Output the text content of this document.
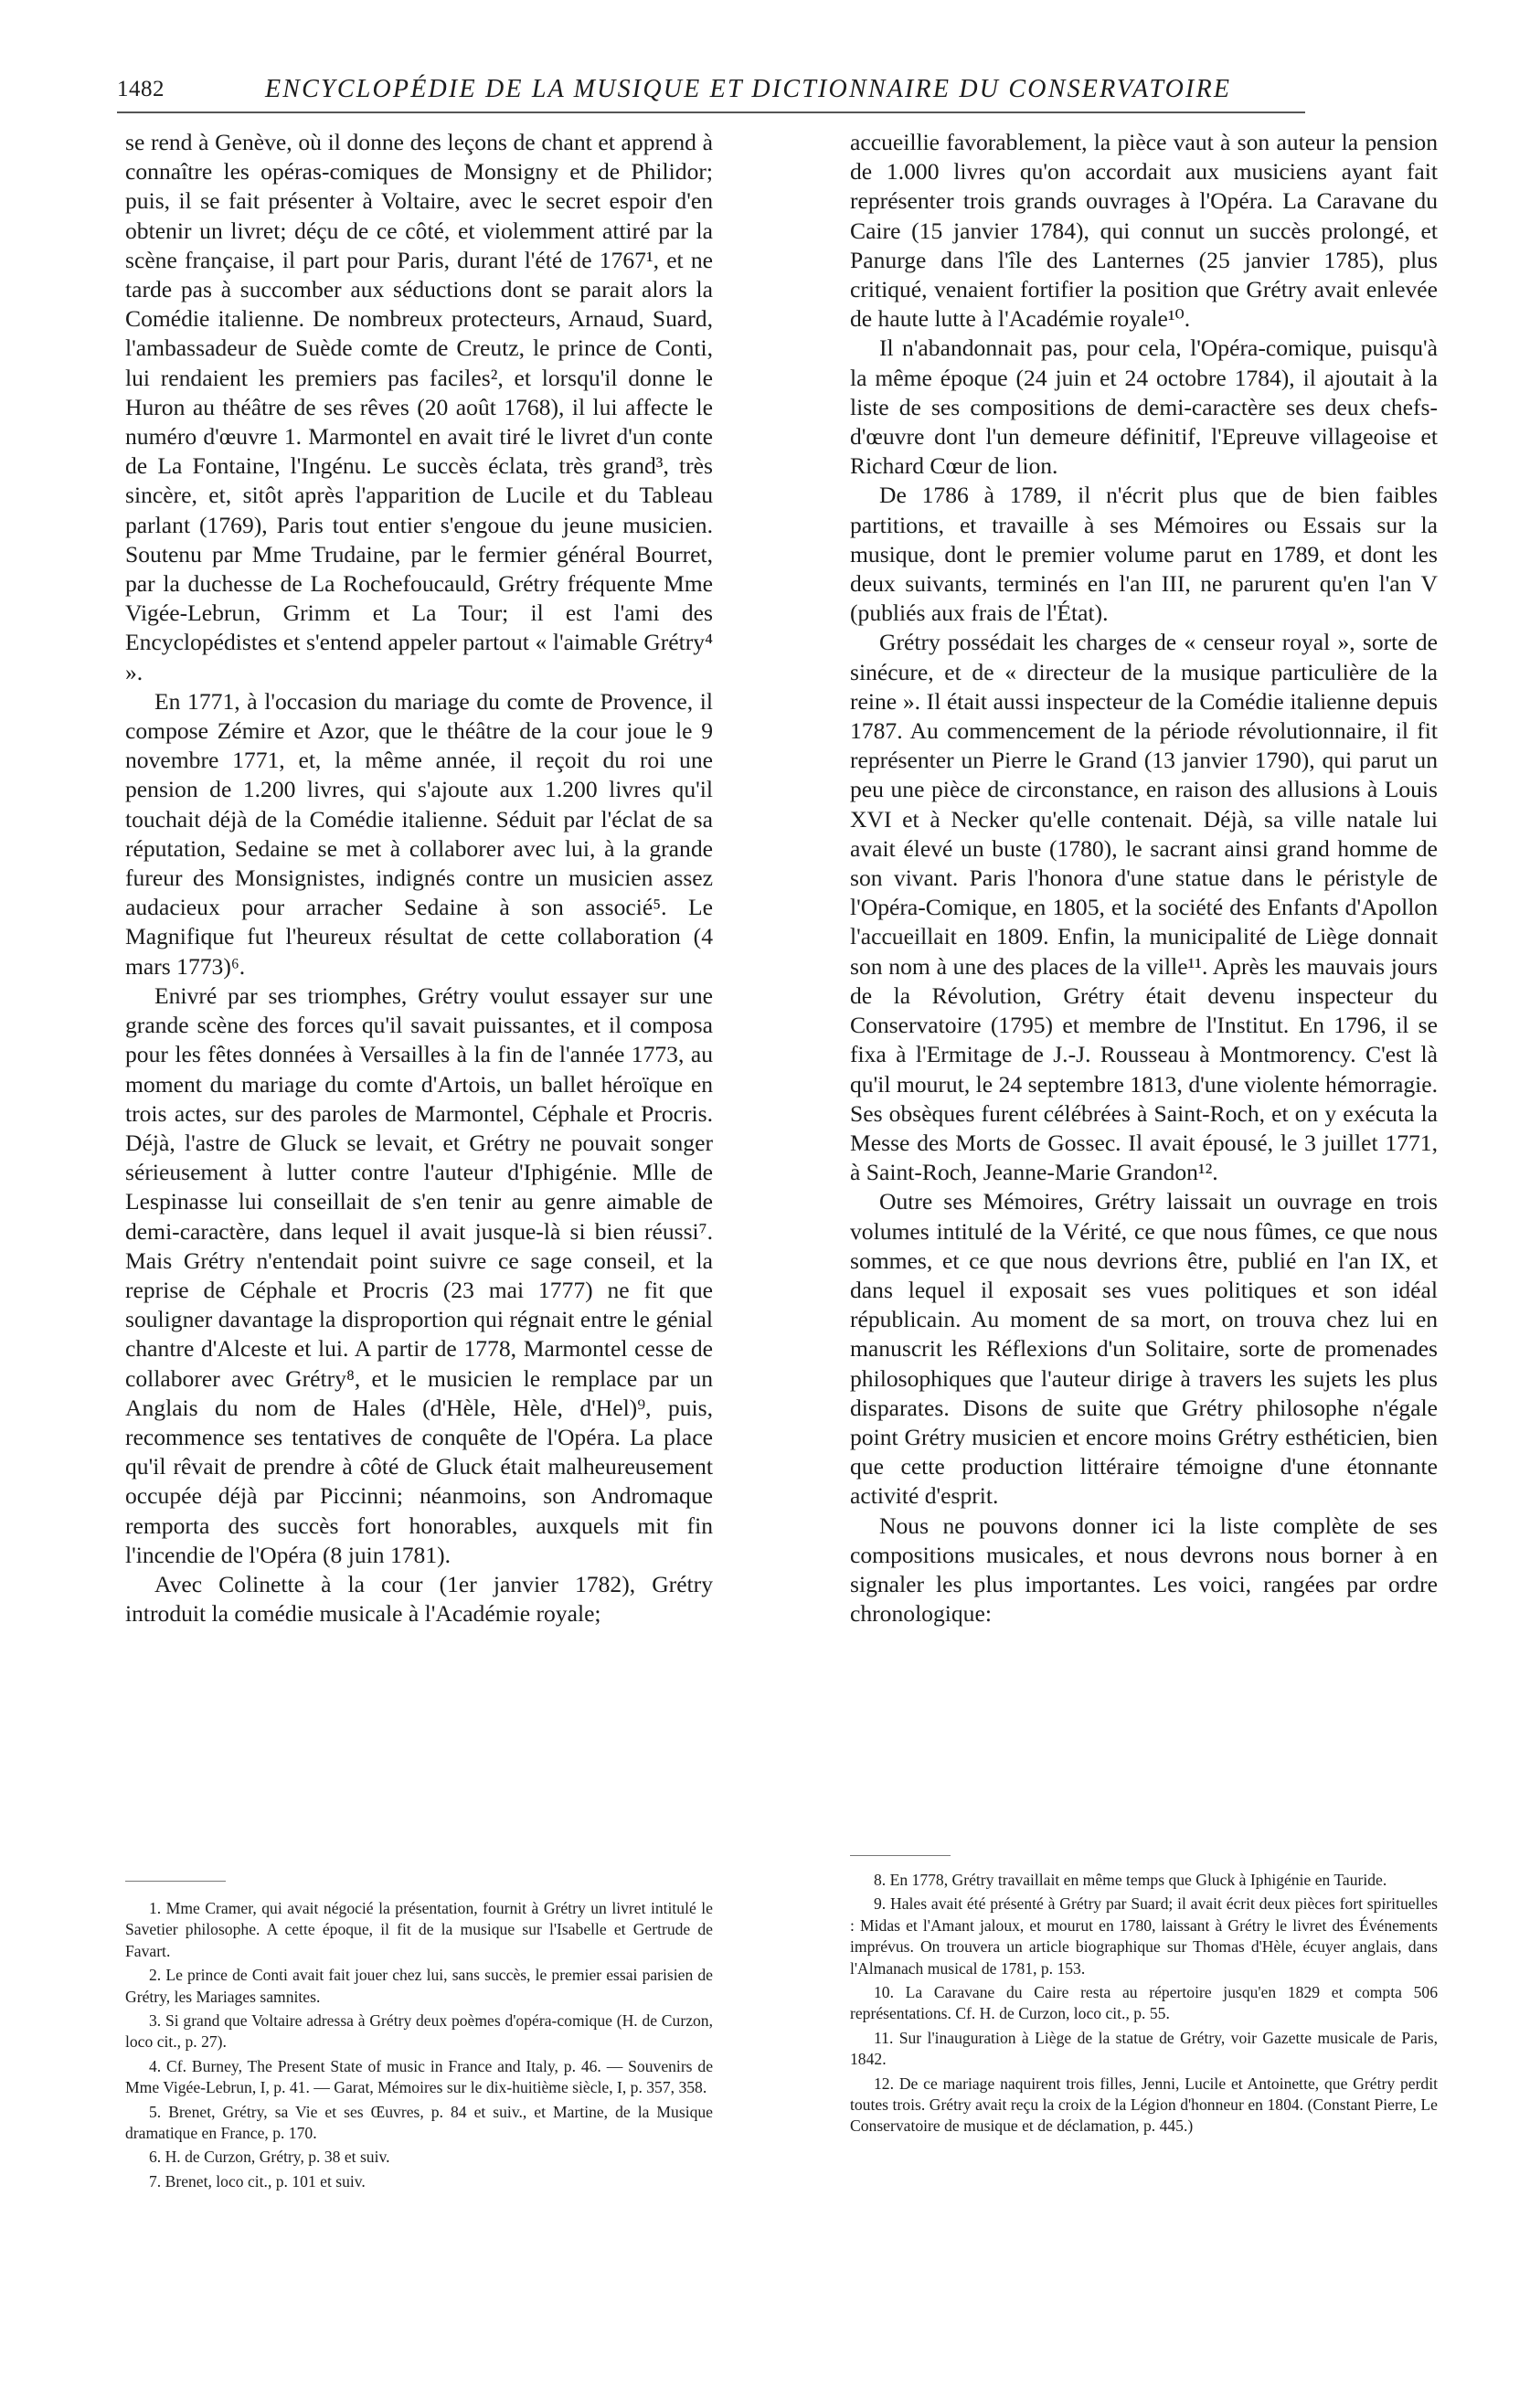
1482	ENCYCLOPÉDIE DE LA MUSIQUE ET DICTIONNAIRE DU CONSERVATOIRE

se rend à Genève, où il donne des leçons de chant et apprend à connaître les opéras-comiques de Monsigny et de Philidor; puis, il se fait présenter à Voltaire, avec le secret espoir d'en obtenir un livret; déçu de ce côté, et violemment attiré par la scène française, il part pour Paris, durant l'été de 1767¹, et ne tarde pas à succomber aux séductions dont se parait alors la Comédie italienne. De nombreux protecteurs, Arnaud, Suard, l'ambassadeur de Suède comte de Creutz, le prince de Conti, lui rendaient les premiers pas faciles², et lorsqu'il donne le Huron au théâtre de ses rêves (20 août 1768), il lui affecte le numéro d'œuvre 1. Marmontel en avait tiré le livret d'un conte de La Fontaine, l'Ingénu. Le succès éclata, très grand³, très sincère, et, sitôt après l'apparition de Lucile et du Tableau parlant (1769), Paris tout entier s'engoue du jeune musicien. Soutenu par Mme Trudaine, par le fermier général Bourret, par la duchesse de La Rochefoucauld, Grétry fréquente Mme Vigée-Lebrun, Grimm et La Tour; il est l'ami des Encyclopédistes et s'entend appeler partout « l'aimable Grétry⁴ ».

En 1771, à l'occasion du mariage du comte de Provence, il compose Zémire et Azor, que le théâtre de la cour joue le 9 novembre 1771, et, la même année, il reçoit du roi une pension de 1.200 livres, qui s'ajoute aux 1.200 livres qu'il touchait déjà de la Comédie italienne. Séduit par l'éclat de sa réputation, Sedaine se met à collaborer avec lui, à la grande fureur des Monsignistes, indignés contre un musicien assez audacieux pour arracher Sedaine à son associé⁵. Le Magnifique fut l'heureux résultat de cette collaboration (4 mars 1773)⁶.

Enivré par ses triomphes, Grétry voulut essayer sur une grande scène des forces qu'il savait puissantes, et il composa pour les fêtes données à Versailles à la fin de l'année 1773, au moment du mariage du comte d'Artois, un ballet héroïque en trois actes, sur des paroles de Marmontel, Céphale et Procris. Déjà, l'astre de Gluck se levait, et Grétry ne pouvait songer sérieusement à lutter contre l'auteur d'Iphigénie. Mlle de Lespinasse lui conseillait de s'en tenir au genre aimable de demi-caractère, dans lequel il avait jusque-là si bien réussi⁷. Mais Grétry n'entendait point suivre ce sage conseil, et la reprise de Céphale et Procris (23 mai 1777) ne fit que souligner davantage la disproportion qui régnait entre le génial chantre d'Alceste et lui. A partir de 1778, Marmontel cesse de collaborer avec Grétry⁸, et le musicien le remplace par un Anglais du nom de Hales (d'Hèle, Hèle, d'Hel)⁹, puis, recommence ses tentatives de conquête de l'Opéra. La place qu'il rêvait de prendre à côté de Gluck était malheureusement occupée déjà par Piccinni; néanmoins, son Andromaque remporta des succès fort honorables, auxquels mit fin l'incendie de l'Opéra (8 juin 1781).

Avec Colinette à la cour (1er janvier 1782), Grétry introduit la comédie musicale à l'Académie royale;

accueillie favorablement, la pièce vaut à son auteur la pension de 1.000 livres qu'on accordait aux musiciens ayant fait représenter trois grands ouvrages à l'Opéra. La Caravane du Caire (15 janvier 1784), qui connut un succès prolongé, et Panurge dans l'île des Lanternes (25 janvier 1785), plus critiqué, venaient fortifier la position que Grétry avait enlevée de haute lutte à l'Académie royale¹⁰.

Il n'abandonnait pas, pour cela, l'Opéra-comique, puisqu'à la même époque (24 juin et 24 octobre 1784), il ajoutait à la liste de ses compositions de demi-caractère ses deux chefs-d'œuvre dont l'un demeure définitif, l'Epreuve villageoise et Richard Cœur de lion.

De 1786 à 1789, il n'écrit plus que de bien faibles partitions, et travaille à ses Mémoires ou Essais sur la musique, dont le premier volume parut en 1789, et dont les deux suivants, terminés en l'an III, ne parurent qu'en l'an V (publiés aux frais de l'État).

Grétry possédait les charges de « censeur royal », sorte de sinécure, et de « directeur de la musique particulière de la reine ». Il était aussi inspecteur de la Comédie italienne depuis 1787. Au commencement de la période révolutionnaire, il fit représenter un Pierre le Grand (13 janvier 1790), qui parut un peu une pièce de circonstance, en raison des allusions à Louis XVI et à Necker qu'elle contenait. Déjà, sa ville natale lui avait élevé un buste (1780), le sacrant ainsi grand homme de son vivant. Paris l'honora d'une statue dans le péristyle de l'Opéra-Comique, en 1805, et la société des Enfants d'Apollon l'accueillait en 1809. Enfin, la municipalité de Liège donnait son nom à une des places de la ville¹¹. Après les mauvais jours de la Révolution, Grétry était devenu inspecteur du Conservatoire (1795) et membre de l'Institut. En 1796, il se fixa à l'Ermitage de J.-J. Rousseau à Montmorency. C'est là qu'il mourut, le 24 septembre 1813, d'une violente hémorragie. Ses obsèques furent célébrées à Saint-Roch, et on y exécuta la Messe des Morts de Gossec. Il avait épousé, le 3 juillet 1771, à Saint-Roch, Jeanne-Marie Grandon¹².

Outre ses Mémoires, Grétry laissait un ouvrage en trois volumes intitulé de la Vérité, ce que nous fûmes, ce que nous sommes, et ce que nous devrions être, publié en l'an IX, et dans lequel il exposait ses vues politiques et son idéal républicain. Au moment de sa mort, on trouva chez lui en manuscrit les Réflexions d'un Solitaire, sorte de promenades philosophiques que l'auteur dirige à travers les sujets les plus disparates. Disons de suite que Grétry philosophe n'égale point Grétry musicien et encore moins Grétry esthéticien, bien que cette production littéraire témoigne d'une étonnante activité d'esprit.

Nous ne pouvons donner ici la liste complète de ses compositions musicales, et nous devrons nous borner à en signaler les plus importantes. Les voici, rangées par ordre chronologique:

1. Mme Cramer, qui avait négocié la présentation, fournit à Grétry un livret intitulé le Savetier philosophe. A cette époque, il fit de la musique sur l'Isabelle et Gertrude de Favart.

2. Le prince de Conti avait fait jouer chez lui, sans succès, le premier essai parisien de Grétry, les Mariages samnites.

3. Si grand que Voltaire adressa à Grétry deux poèmes d'opéra-comique (H. de Curzon, loco cit., p. 27).

4. Cf. Burney, The Present State of music in France and Italy, p. 46. — Souvenirs de Mme Vigée-Lebrun, I, p. 41. — Garat, Mémoires sur le dix-huitième siècle, I, p. 357, 358.

5. Brenet, Grétry, sa Vie et ses Œuvres, p. 84 et suiv., et Martine, de la Musique dramatique en France, p. 170.

6. H. de Curzon, Grétry, p. 38 et suiv.

7. Brenet, loco cit., p. 101 et suiv.

8. En 1778, Grétry travaillait en même temps que Gluck à Iphigénie en Tauride.

9. Hales avait été présenté à Grétry par Suard; il avait écrit deux pièces fort spirituelles : Midas et l'Amant jaloux, et mourut en 1780, laissant à Grétry le livret des Événements imprévus. On trouvera un article biographique sur Thomas d'Hèle, écuyer anglais, dans l'Almanach musical de 1781, p. 153.

10. La Caravane du Caire resta au répertoire jusqu'en 1829 et compta 506 représentations. Cf. H. de Curzon, loco cit., p. 55.

11. Sur l'inauguration à Liège de la statue de Grétry, voir Gazette musicale de Paris, 1842.

12. De ce mariage naquirent trois filles, Jenni, Lucile et Antoinette, que Grétry perdit toutes trois. Grétry avait reçu la croix de la Légion d'honneur en 1804. (Constant Pierre, Le Conservatoire de musique et de déclamation, p. 445.)
